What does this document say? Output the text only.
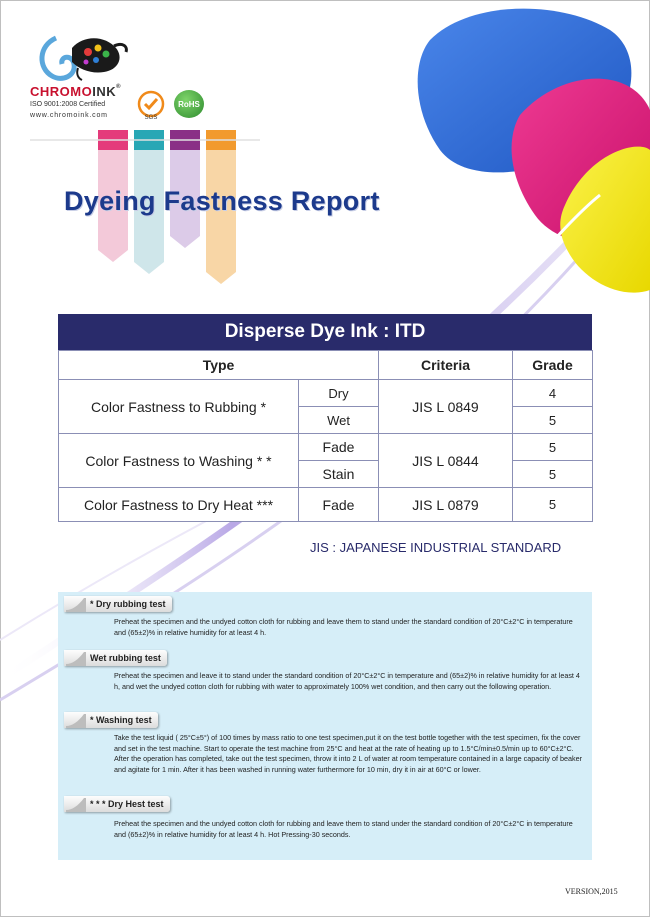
CHROMOINK®
ISO 9001:2008 Certified
www.chromoink.com	SGS
RoHS
Dyeing Fastness Report
Disperse Dye Ink : ITD
Type		Criteria	Grade
Color Fastness to Rubbing *	Dry	JIS L 0849	4
	Wet		5
Color Fastness to Washing * *	Fade	JIS L 0844	5
	Stain		5
Color Fastness to Dry Heat ***	Fade	JIS L 0879	5
JIS : JAPANESE INDUSTRIAL STANDARD
* Dry rubbing test
Preheat the specimen and the undyed cotton cloth for rubbing and leave them to stand under the standard condition of 20°C±2°C in temperature and (65±2)% in relative humidity for at least 4 h.
Wet rubbing test
Preheat the specimen and leave it to stand under the standard condition of 20°C±2°C in temperature and (65±2)% in relative humidity for at least 4 h, and wet the undyed cotton cloth for rubbing with water to approximately 100% wet condition, and then carry out the following operation.
* Washing test
Take the test liquid ( 25°C±5°) of 100 times by mass ratio to one test specimen,put it on the test bottle together with the test specimen, fix the cover and set in the test machine. Start to operate the test machine from 25°C and heat at the rate of heating up to 1.5°C/min±0.5/min up to 60°C±2°C. After the operation has completed, take out the test specimen, throw it into 2 L of water at room temperature contained in a large capacity of beaker and agitate for 1 min. After it has been washed in running water furthermore for 10 min, dry it in air at 60°C or lower.
* * * Dry Hest test
Preheat the specimen and the undyed cotton cloth for rubbing and leave them to stand under the standard condition of 20°C±2°C in temperature and (65±2)% in relative humidity for at least 4 h. Hot Pressing-30 seconds.
VERSION,2015
